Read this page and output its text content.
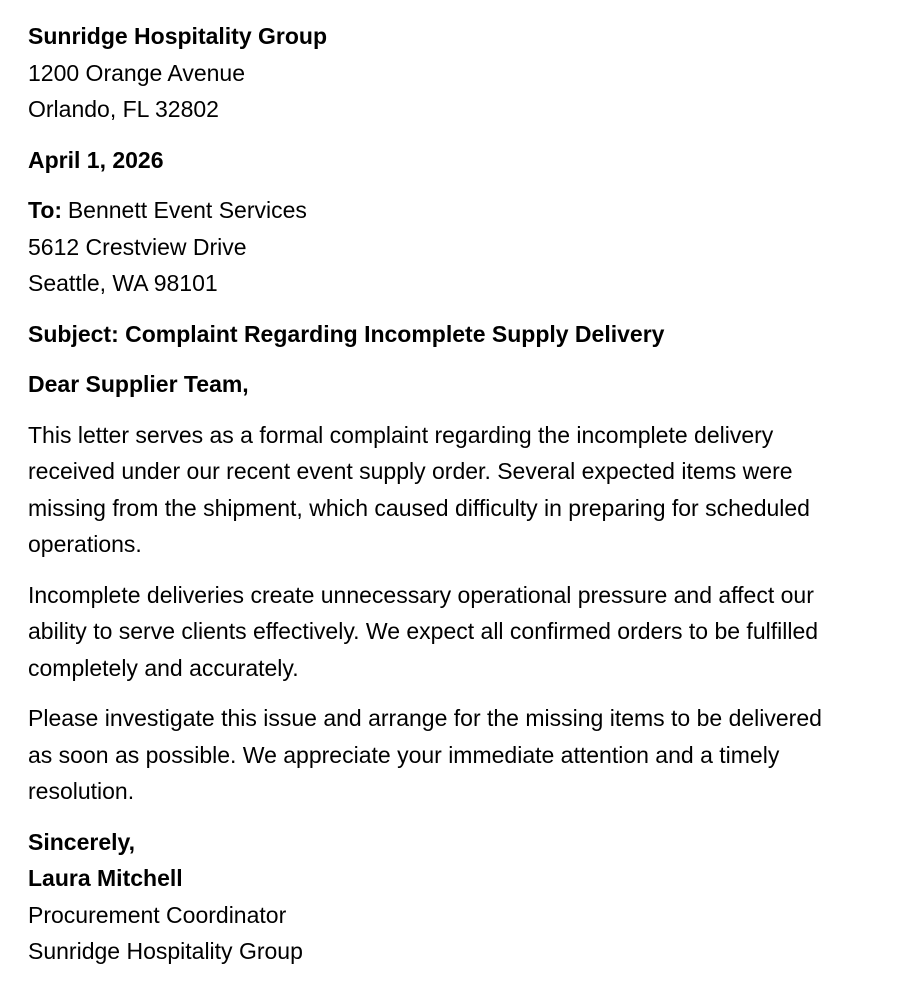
Sunridge Hospitality Group
1200 Orange Avenue
Orlando, FL 32802
April 1, 2026
To: Bennett Event Services
5612 Crestview Drive
Seattle, WA 98101
Subject: Complaint Regarding Incomplete Supply Delivery
Dear Supplier Team,
This letter serves as a formal complaint regarding the incomplete delivery
received under our recent event supply order. Several expected items were
missing from the shipment, which caused difficulty in preparing for scheduled
operations.
Incomplete deliveries create unnecessary operational pressure and affect our
ability to serve clients effectively. We expect all confirmed orders to be fulfilled
completely and accurately.
Please investigate this issue and arrange for the missing items to be delivered
as soon as possible. We appreciate your immediate attention and a timely
resolution.
Sincerely,
Laura Mitchell
Procurement Coordinator
Sunridge Hospitality Group
